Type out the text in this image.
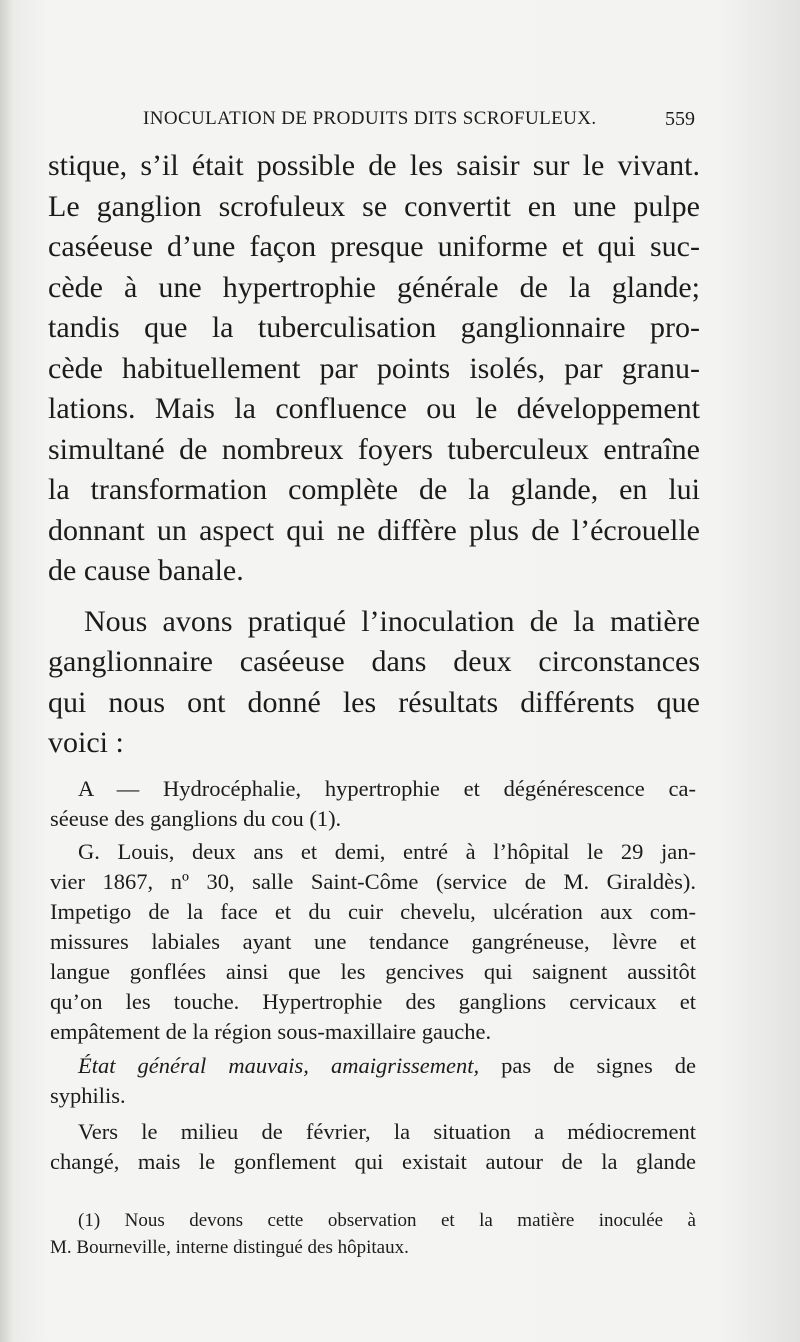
INOCULATION DE PRODUITS DITS SCROFULEUX.	559
stique, s’il était possible de les saisir sur le vivant.
Le ganglion scrofuleux se convertit en une pulpe
caséeuse d’une façon presque uniforme et qui suc-
cède à une hypertrophie générale de la glande;
tandis que la tuberculisation ganglionnaire pro-
cède habituellement par points isolés, par granu-
lations. Mais la confluence ou le développement
simultané de nombreux foyers tuberculeux entraîne
la transformation complète de la glande, en lui
donnant un aspect qui ne diffère plus de l’écrouelle
de cause banale.
Nous avons pratiqué l’inoculation de la matière
ganglionnaire caséeuse dans deux circonstances
qui nous ont donné les résultats différents que
voici :
A — Hydrocéphalie, hypertrophie et dégénérescence ca-
séeuse des ganglions du cou (1).
G. Louis, deux ans et demi, entré à l’hôpital le 29 jan-
vier 1867, nº 30, salle Saint-Côme (service de M. Giraldès).
Impetigo de la face et du cuir chevelu, ulcération aux com-
missures labiales ayant une tendance gangréneuse, lèvre et
langue gonflées ainsi que les gencives qui saignent aussitôt
qu’on les touche. Hypertrophie des ganglions cervicaux et
empâtement de la région sous-maxillaire gauche.
État général mauvais, amaigrissement, pas de signes de
syphilis.
Vers le milieu de février, la situation a médiocrement
changé, mais le gonflement qui existait autour de la glande
(1) Nous devons cette observation et la matière inoculée à
M. Bourneville, interne distingué des hôpitaux.
